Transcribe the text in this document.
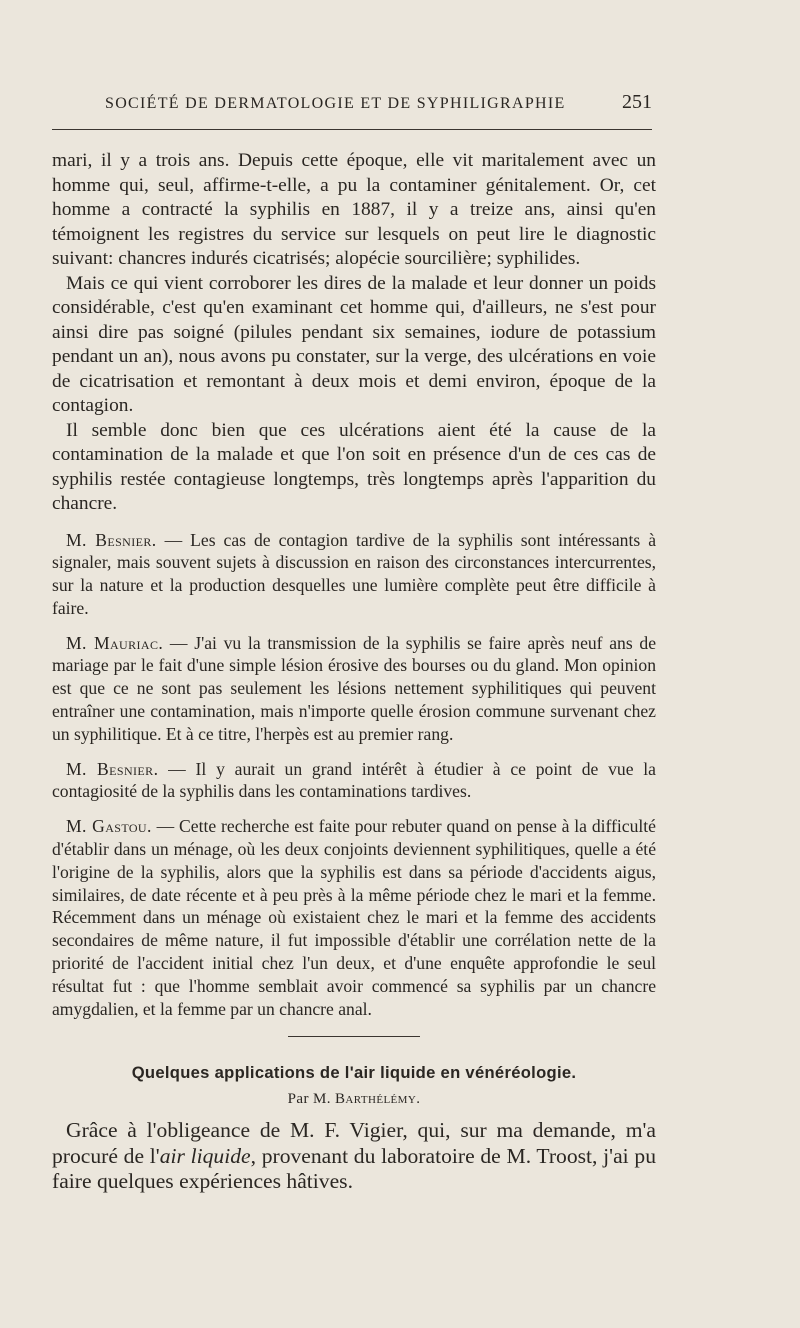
SOCIÉTÉ DE DERMATOLOGIE ET DE SYPHILIGRAPHIE	251

mari, il y a trois ans. Depuis cette époque, elle vit maritalement avec un homme qui, seul, affirme-t-elle, a pu la contaminer génitalement. Or, cet homme a contracté la syphilis en 1887, il y a treize ans, ainsi qu'en témoignent les registres du service sur lesquels on peut lire le diagnostic suivant: chancres indurés cicatrisés; alopécie sourcilière; syphilides.

Mais ce qui vient corroborer les dires de la malade et leur donner un poids considérable, c'est qu'en examinant cet homme qui, d'ailleurs, ne s'est pour ainsi dire pas soigné (pilules pendant six semaines, iodure de potassium pendant un an), nous avons pu constater, sur la verge, des ulcérations en voie de cicatrisation et remontant à deux mois et demi environ, époque de la contagion.

Il semble donc bien que ces ulcérations aient été la cause de la contamination de la malade et que l'on soit en présence d'un de ces cas de syphilis restée contagieuse longtemps, très longtemps après l'apparition du chancre.

M. Besnier. — Les cas de contagion tardive de la syphilis sont intéressants à signaler, mais souvent sujets à discussion en raison des circonstances intercurrentes, sur la nature et la production desquelles une lumière complète peut être difficile à faire.

M. Mauriac. — J'ai vu la transmission de la syphilis se faire après neuf ans de mariage par le fait d'une simple lésion érosive des bourses ou du gland. Mon opinion est que ce ne sont pas seulement les lésions nettement syphilitiques qui peuvent entraîner une contamination, mais n'importe quelle érosion commune survenant chez un syphilitique. Et à ce titre, l'herpès est au premier rang.

M. Besnier. — Il y aurait un grand intérêt à étudier à ce point de vue la contagiosité de la syphilis dans les contaminations tardives.

M. Gastou. — Cette recherche est faite pour rebuter quand on pense à la difficulté d'établir dans un ménage, où les deux conjoints deviennent syphilitiques, quelle a été l'origine de la syphilis, alors que la syphilis est dans sa période d'accidents aigus, similaires, de date récente et à peu près à la même période chez le mari et la femme. Récemment dans un ménage où existaient chez le mari et la femme des accidents secondaires de même nature, il fut impossible d'établir une corrélation nette de la priorité de l'accident initial chez l'un deux, et d'une enquête approfondie le seul résultat fut : que l'homme semblait avoir commencé sa syphilis par un chancre amygdalien, et la femme par un chancre anal.

Quelques applications de l'air liquide en vénéréologie.
Par M. Barthélémy.

Grâce à l'obligeance de M. F. Vigier, qui, sur ma demande, m'a procuré de l'air liquide, provenant du laboratoire de M. Troost, j'ai pu faire quelques expériences hâtives.
